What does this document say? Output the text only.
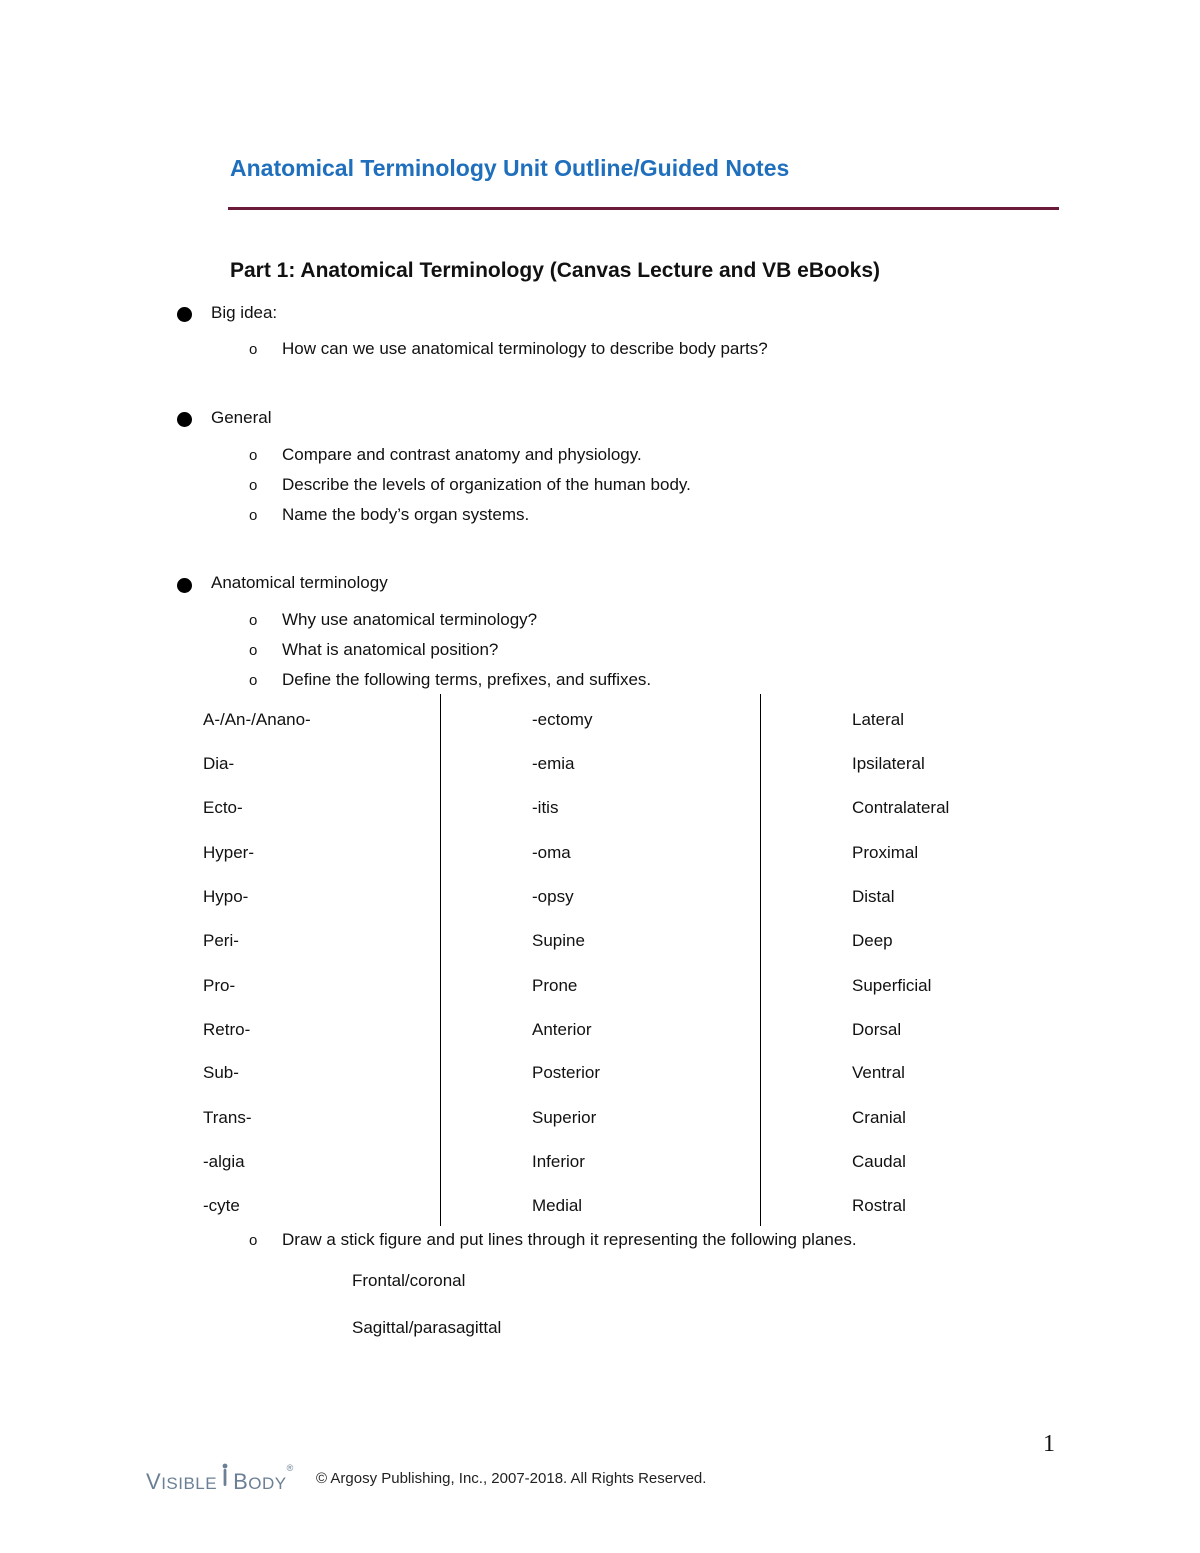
Anatomical Terminology Unit Outline/Guided Notes
Part 1: Anatomical Terminology (Canvas Lecture and VB eBooks)
Big idea:
o How can we use anatomical terminology to describe body parts?
General
o Compare and contrast anatomy and physiology.
o Describe the levels of organization of the human body.
o Name the body’s organ systems.
Anatomical terminology
o Why use anatomical terminology?
o What is anatomical position?
o Define the following terms, prefixes, and suffixes.
A-/An-/Anano-
Dia-
Ecto-
Hyper-
Hypo-
Peri-
Pro-
Retro-
Sub-
Trans-
-algia
-cyte
-ectomy
-emia
-itis
-oma
-opsy
Supine
Prone
Anterior
Posterior
Superior
Inferior
Medial
Lateral
Ipsilateral
Contralateral
Proximal
Distal
Deep
Superficial
Dorsal
Ventral
Cranial
Caudal
Rostral
o Draw a stick figure and put lines through it representing the following planes.
Frontal/coronal
Sagittal/parasagittal
1
VISIBLE BODY®
© Argosy Publishing, Inc., 2007-2018. All Rights Reserved.
